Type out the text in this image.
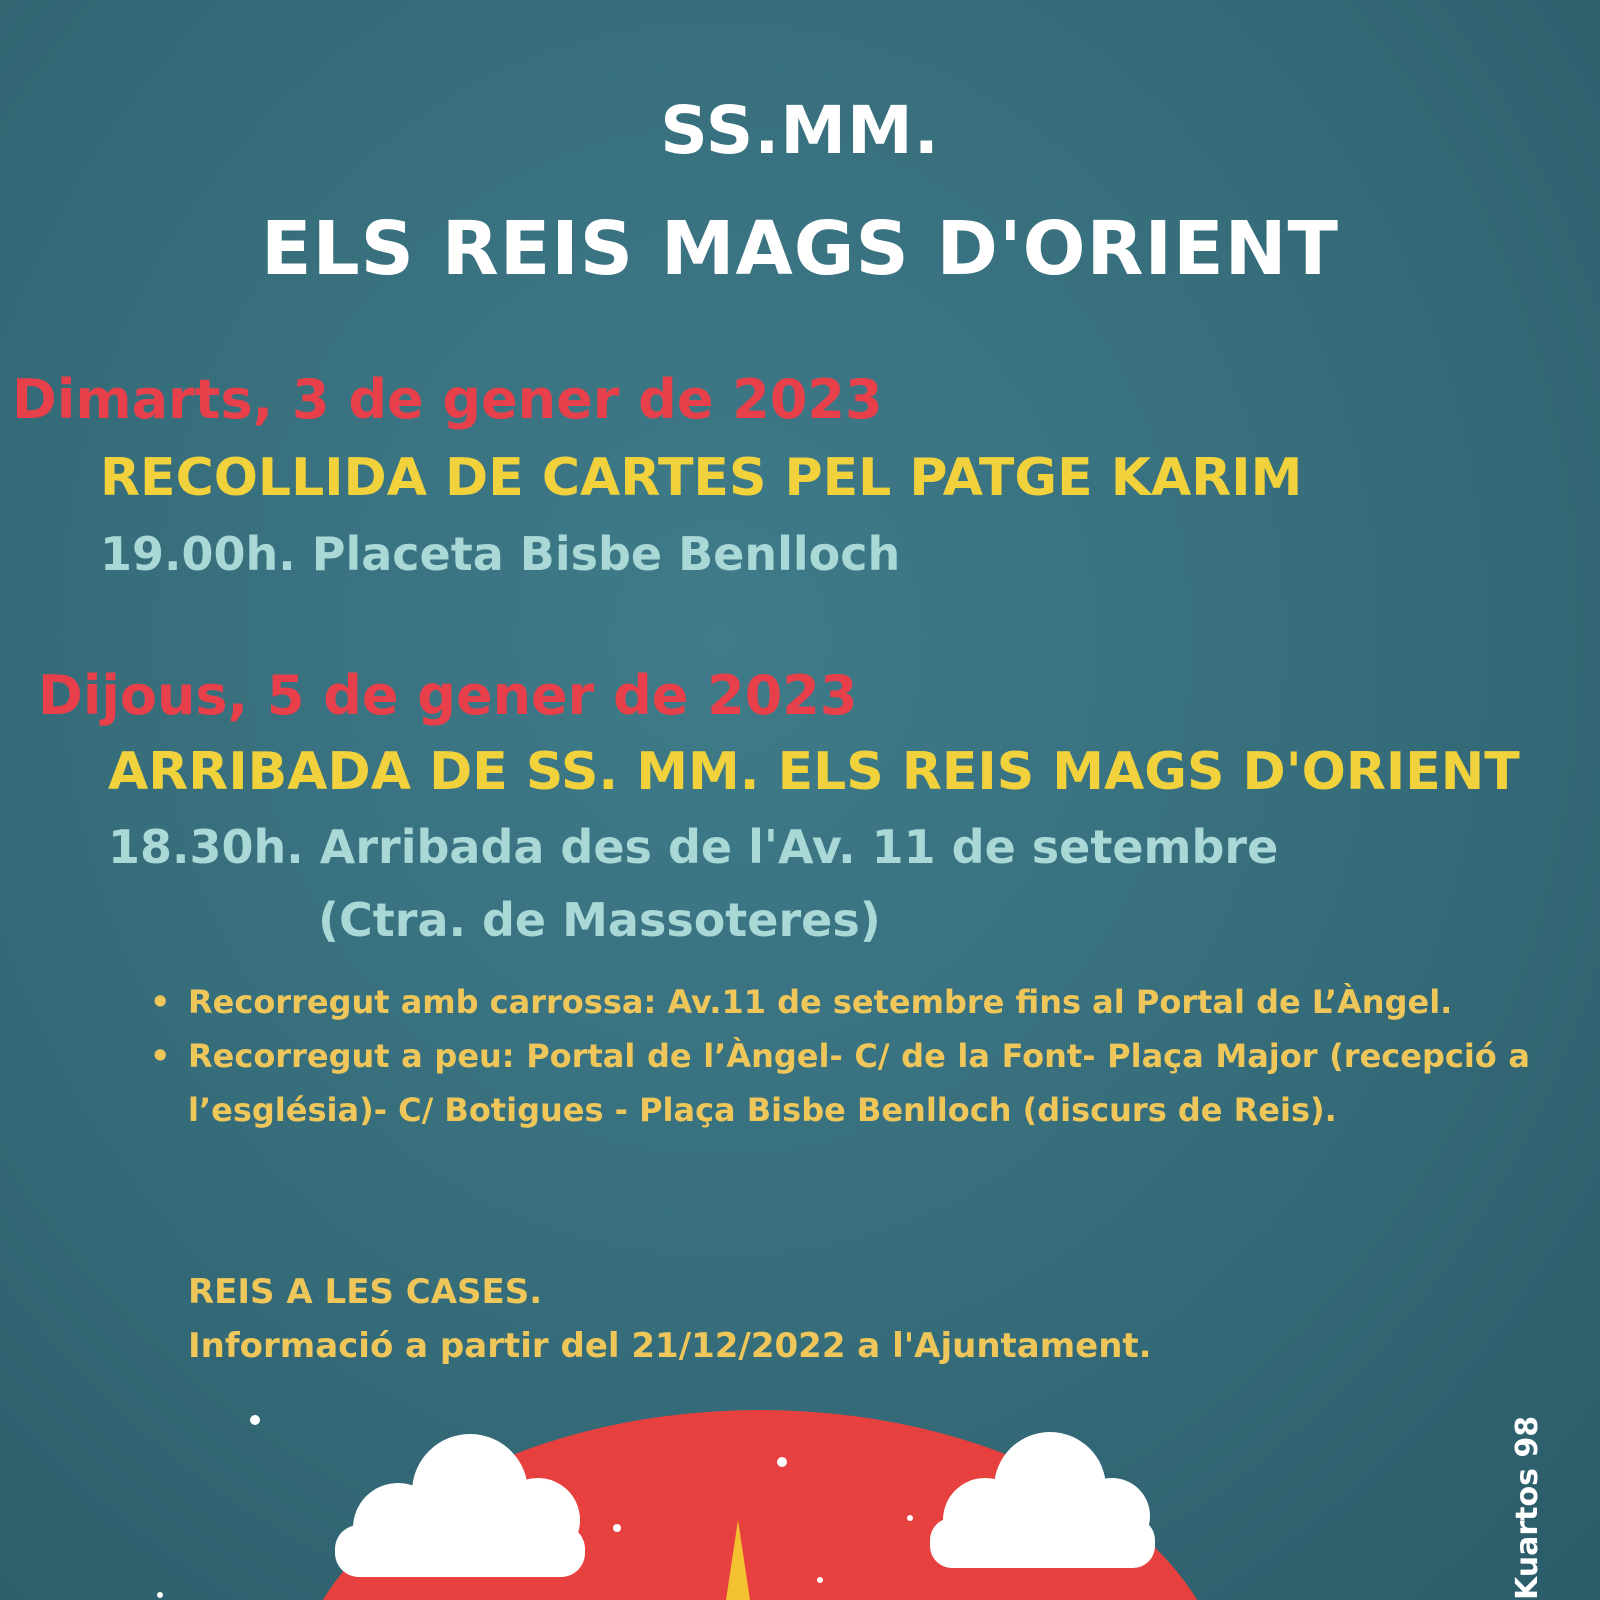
SS.MM.
ELS REIS MAGS D'ORIENT
Dimarts, 3 de gener de 2023
RECOLLIDA DE CARTES PEL PATGE KARIM
19.00h. Placeta Bisbe Benlloch
Dijous, 5 de gener de 2023
ARRIBADA DE SS. MM. ELS REIS MAGS D'ORIENT
18.30h. Arribada des de l'Av. 11 de setembre
(Ctra. de Massoteres)
• Recorregut amb carrossa: Av.11 de setembre fins al Portal de L’Àngel.
• Recorregut a peu: Portal de l’Àngel- C/ de la Font- Plaça Major (recepció a l’església)- C/ Botigues - Plaça Bisbe Benlloch (discurs de Reis).
REIS A LES CASES.
Informació a partir del 21/12/2022 a l'Ajuntament.
Kuartos 98
